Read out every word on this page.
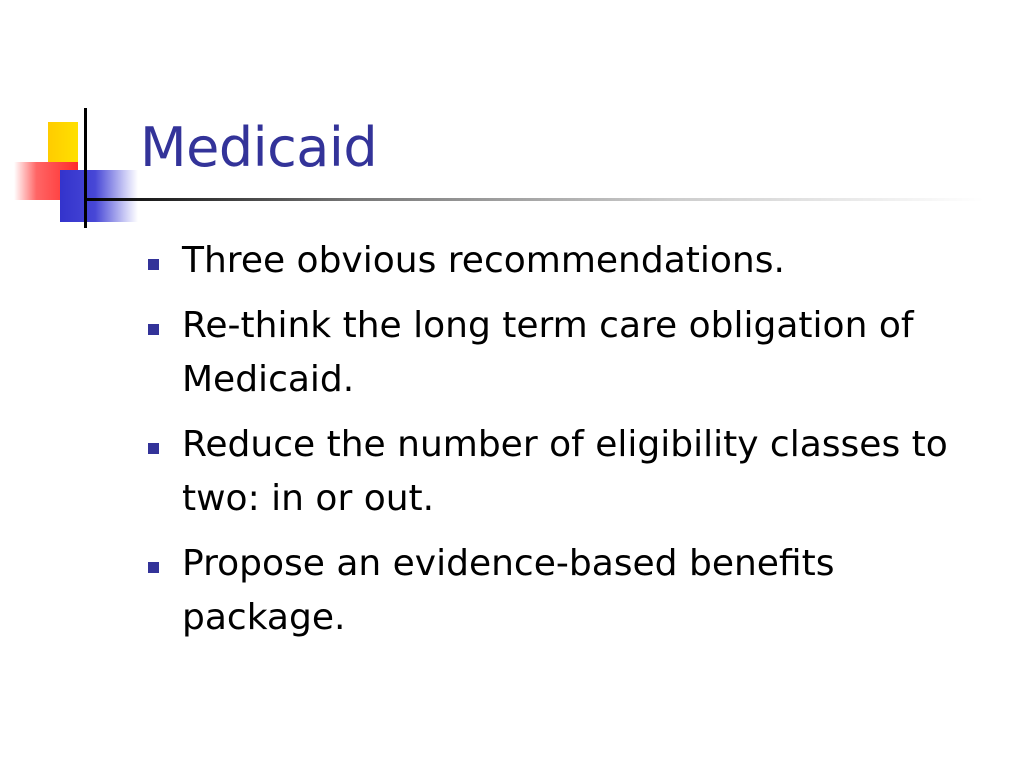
Medicaid
Three obvious recommendations.
Re-think the long term care obligation of Medicaid.
Reduce the number of eligibility classes to two: in or out.
Propose an evidence-based benefits package.
